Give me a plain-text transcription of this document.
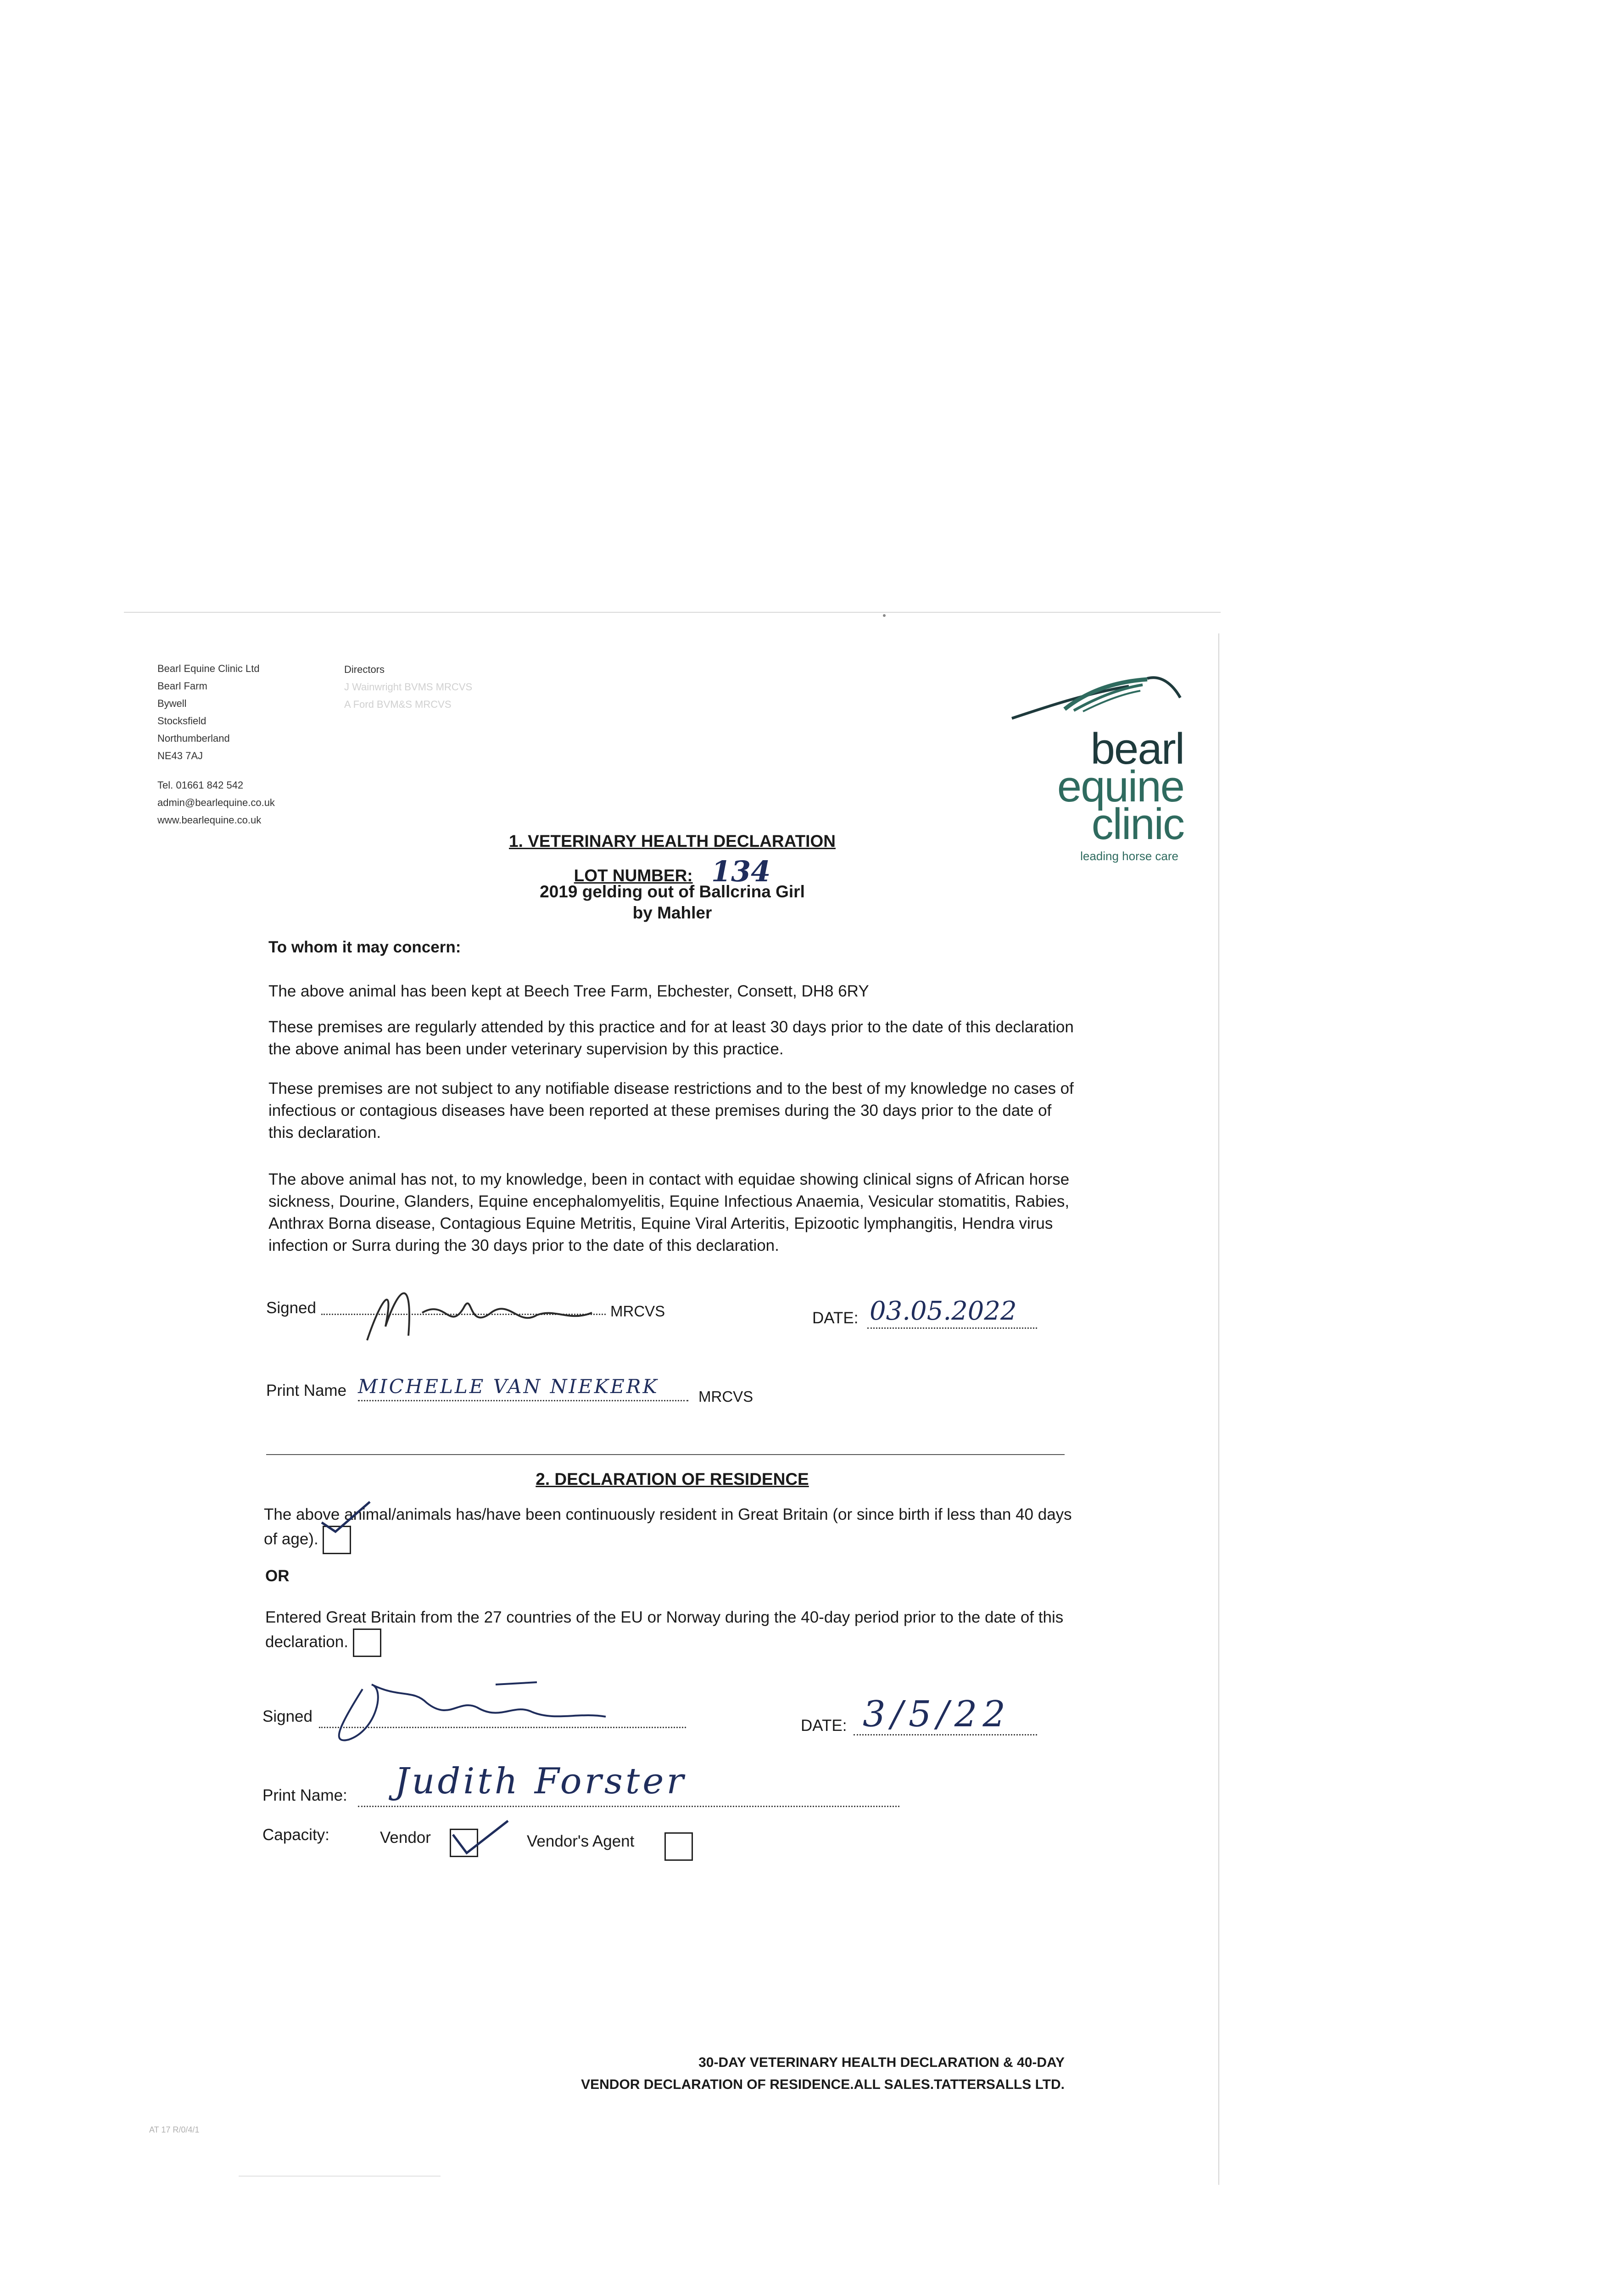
Bearl Equine Clinic Ltd
Bearl Farm
Bywell
Stocksfield
Northumberland
NE43 7AJ
Tel. 01661 842 542
admin@bearlequine.co.uk
www.bearlequine.co.uk
Directors
J Wainwright BVMS MRCVS
A Ford BVM&S MRCVS
bearl
equine
clinic
leading horse care
1. VETERINARY HEALTH DECLARATION
LOT NUMBER: 134
2019 gelding out of Ballcrina Girl
by Mahler
To whom it may concern:
The above animal has been kept at Beech Tree Farm, Ebchester, Consett, DH8 6RY
These premises are regularly attended by this practice and for at least 30 days prior to the date of this declaration the above animal has been under veterinary supervision by this practice.
These premises are not subject to any notifiable disease restrictions and to the best of my knowledge no cases of infectious or contagious diseases have been reported at these premises during the 30 days prior to the date of this declaration.
The above animal has not, to my knowledge, been in contact with equidae showing clinical signs of African horse sickness, Dourine, Glanders, Equine encephalomyelitis, Equine Infectious Anaemia, Vesicular stomatitis, Rabies, Anthrax Borna disease, Contagious Equine Metritis, Equine Viral Arteritis, Epizootic lymphangitis, Hendra virus infection or Surra during the 30 days prior to the date of this declaration.
Signed	MRCVS	DATE: 03.05.2022
Print Name MICHELLE VAN NIEKERK	MRCVS
2. DECLARATION OF RESIDENCE
The above animal/animals has/have been continuously resident in Great Britain (or since birth if less than 40 days of age).
OR
Entered Great Britain from the 27 countries of the EU or Norway during the 40-day period prior to the date of this declaration.
Signed
DATE: 3/5/22
Print Name: Judith Forster
Capacity:	Vendor	Vendor's Agent
30-DAY VETERINARY HEALTH DECLARATION & 40-DAY
VENDOR DECLARATION OF RESIDENCE.ALL SALES.TATTERSALLS LTD.
AT 17 R/0/4/1
